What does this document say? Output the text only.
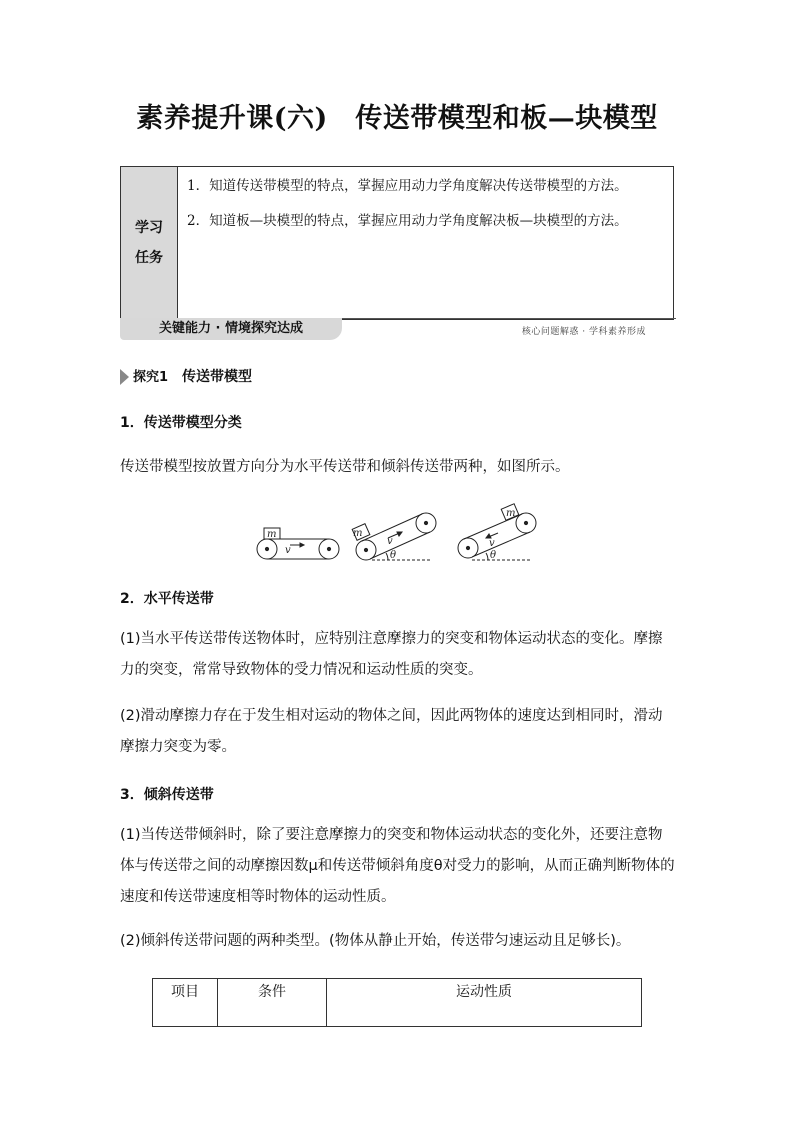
素养提升课(六)　传送带模型和板—块模型
学习
任务
1．知道传送带模型的特点，掌握应用动力学角度解决传送带模型的方法。
2．知道板—块模型的特点，掌握应用动力学角度解决板—块模型的方法。
关键能力 · 情境探究达成	核心问题解惑 · 学科素养形成
探究1 传送带模型
1．传送带模型分类
传送带模型按放置方向分为水平传送带和倾斜传送带两种，如图所示。
m
v
m
v
θ
m
v
θ
2．水平传送带
(1)当水平传送带传送物体时，应特别注意摩擦力的突变和物体运动状态的变化。摩擦力的突变，常常导致物体的受力情况和运动性质的突变。
(2)滑动摩擦力存在于发生相对运动的物体之间，因此两物体的速度达到相同时，滑动摩擦力突变为零。
3．倾斜传送带
(1)当传送带倾斜时，除了要注意摩擦力的突变和物体运动状态的变化外，还要注意物体与传送带之间的动摩擦因数μ和传送带倾斜角度θ对受力的影响，从而正确判断物体的速度和传送带速度相等时物体的运动性质。
(2)倾斜传送带问题的两种类型。(物体从静止开始，传送带匀速运动且足够长)。
项目	条件	运动性质
